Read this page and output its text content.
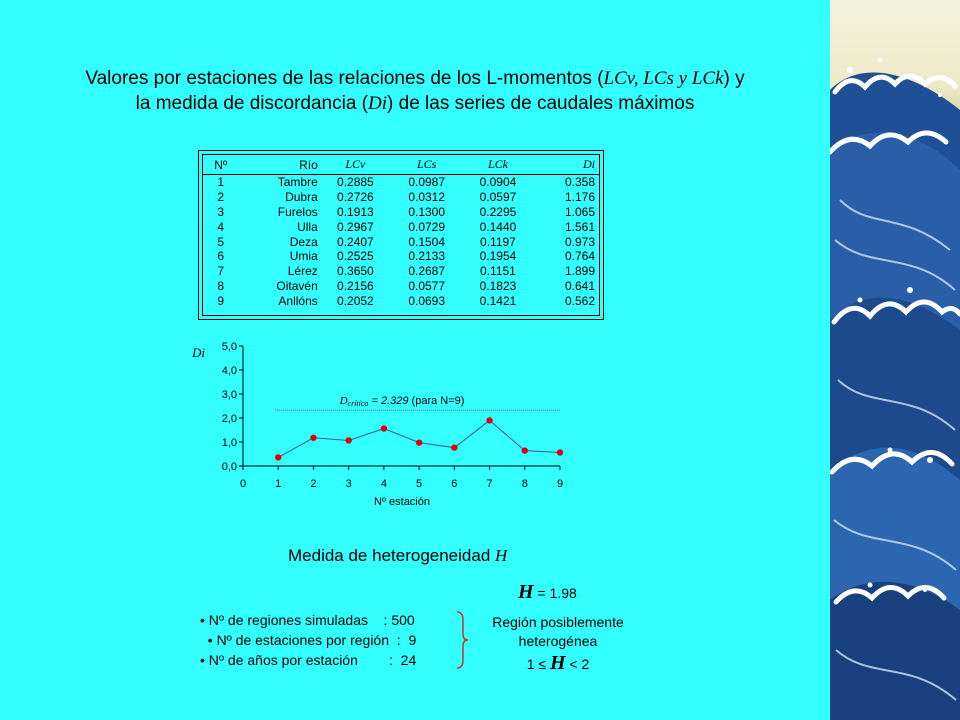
Valores por estaciones de las relaciones de los L-momentos (LCv, LCs y LCk) y
la medida de discordancia (Di) de las series de caudales máximos
Nº	Río	LCv	LCs	LCk	Di
1	Tambre	0.2885	0.0987	0.0904	0.358
2	Dubra	0.2726	0.0312	0.0597	1.176
3	Furelos	0.1913	0.1300	0.2295	1.065
4	Ulla	0.2967	0.0729	0.1440	1.561
5	Deza	0.2407	0.1504	0.1197	0.973
6	Umia	0.2525	0.2133	0.1954	0.764
7	Lérez	0.3650	0.2687	0.1151	1.899
8	Oitavén	0.2156	0.0577	0.1823	0.641
9	Anllóns	0.2052	0.0693	0.1421	0.562
Di
Nº estación
Dcrítico = 2.329 (para N=9)
0,0
1,0
2,0
3,0
4,0
5,0
0	1	2	3	4	5	6	7	8	9
Medida de heterogeneidad H
H = 1.98
• Nº de regiones simuladas    : 500
• Nº de estaciones por región  :  9
• Nº de años por estación        :  24
Región posiblemente
heterogénea
1 ≤ H < 2
